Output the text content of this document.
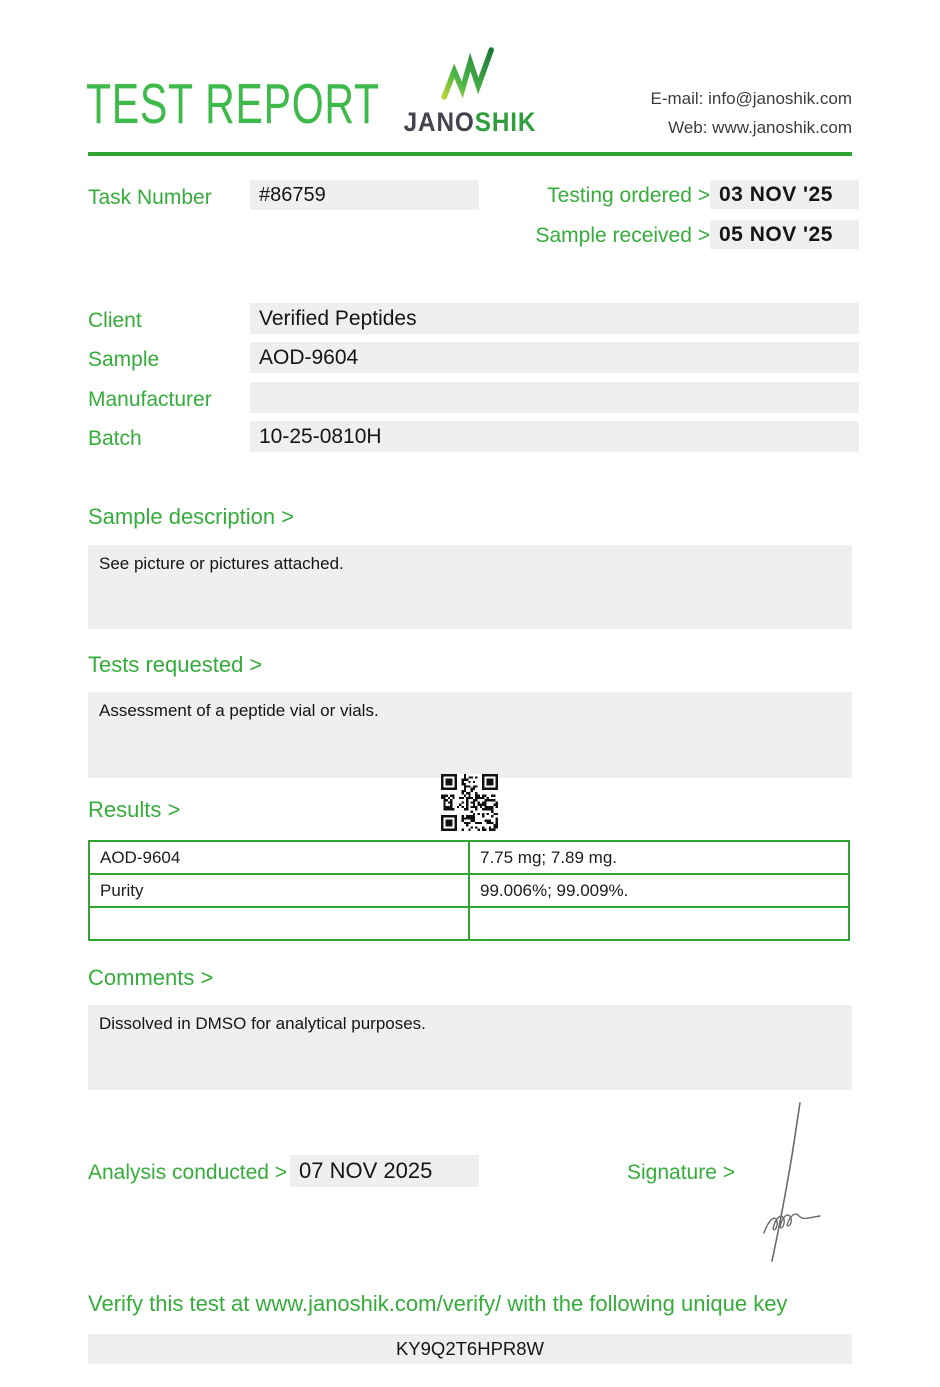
TEST REPORT JANOSHIK
E-mail: info@janoshik.com
Web: www.janoshik.com
Task Number	#86759	Testing ordered > 03 NOV '25
Sample received > 05 NOV '25
Client	Verified Peptides
Sample	AOD-9604
Manufacturer
Batch	10-25-0810H
Sample description >
See picture or pictures attached.
Tests requested >
Assessment of a peptide vial or vials.
Results >
AOD-9604	7.75 mg; 7.89 mg.
Purity	99.006%; 99.009%.

Comments >
Dissolved in DMSO for analytical purposes.
Analysis conducted > 07 NOV 2025	Signature >
Verify this test at www.janoshik.com/verify/ with the following unique key
KY9Q2T6HPR8W
